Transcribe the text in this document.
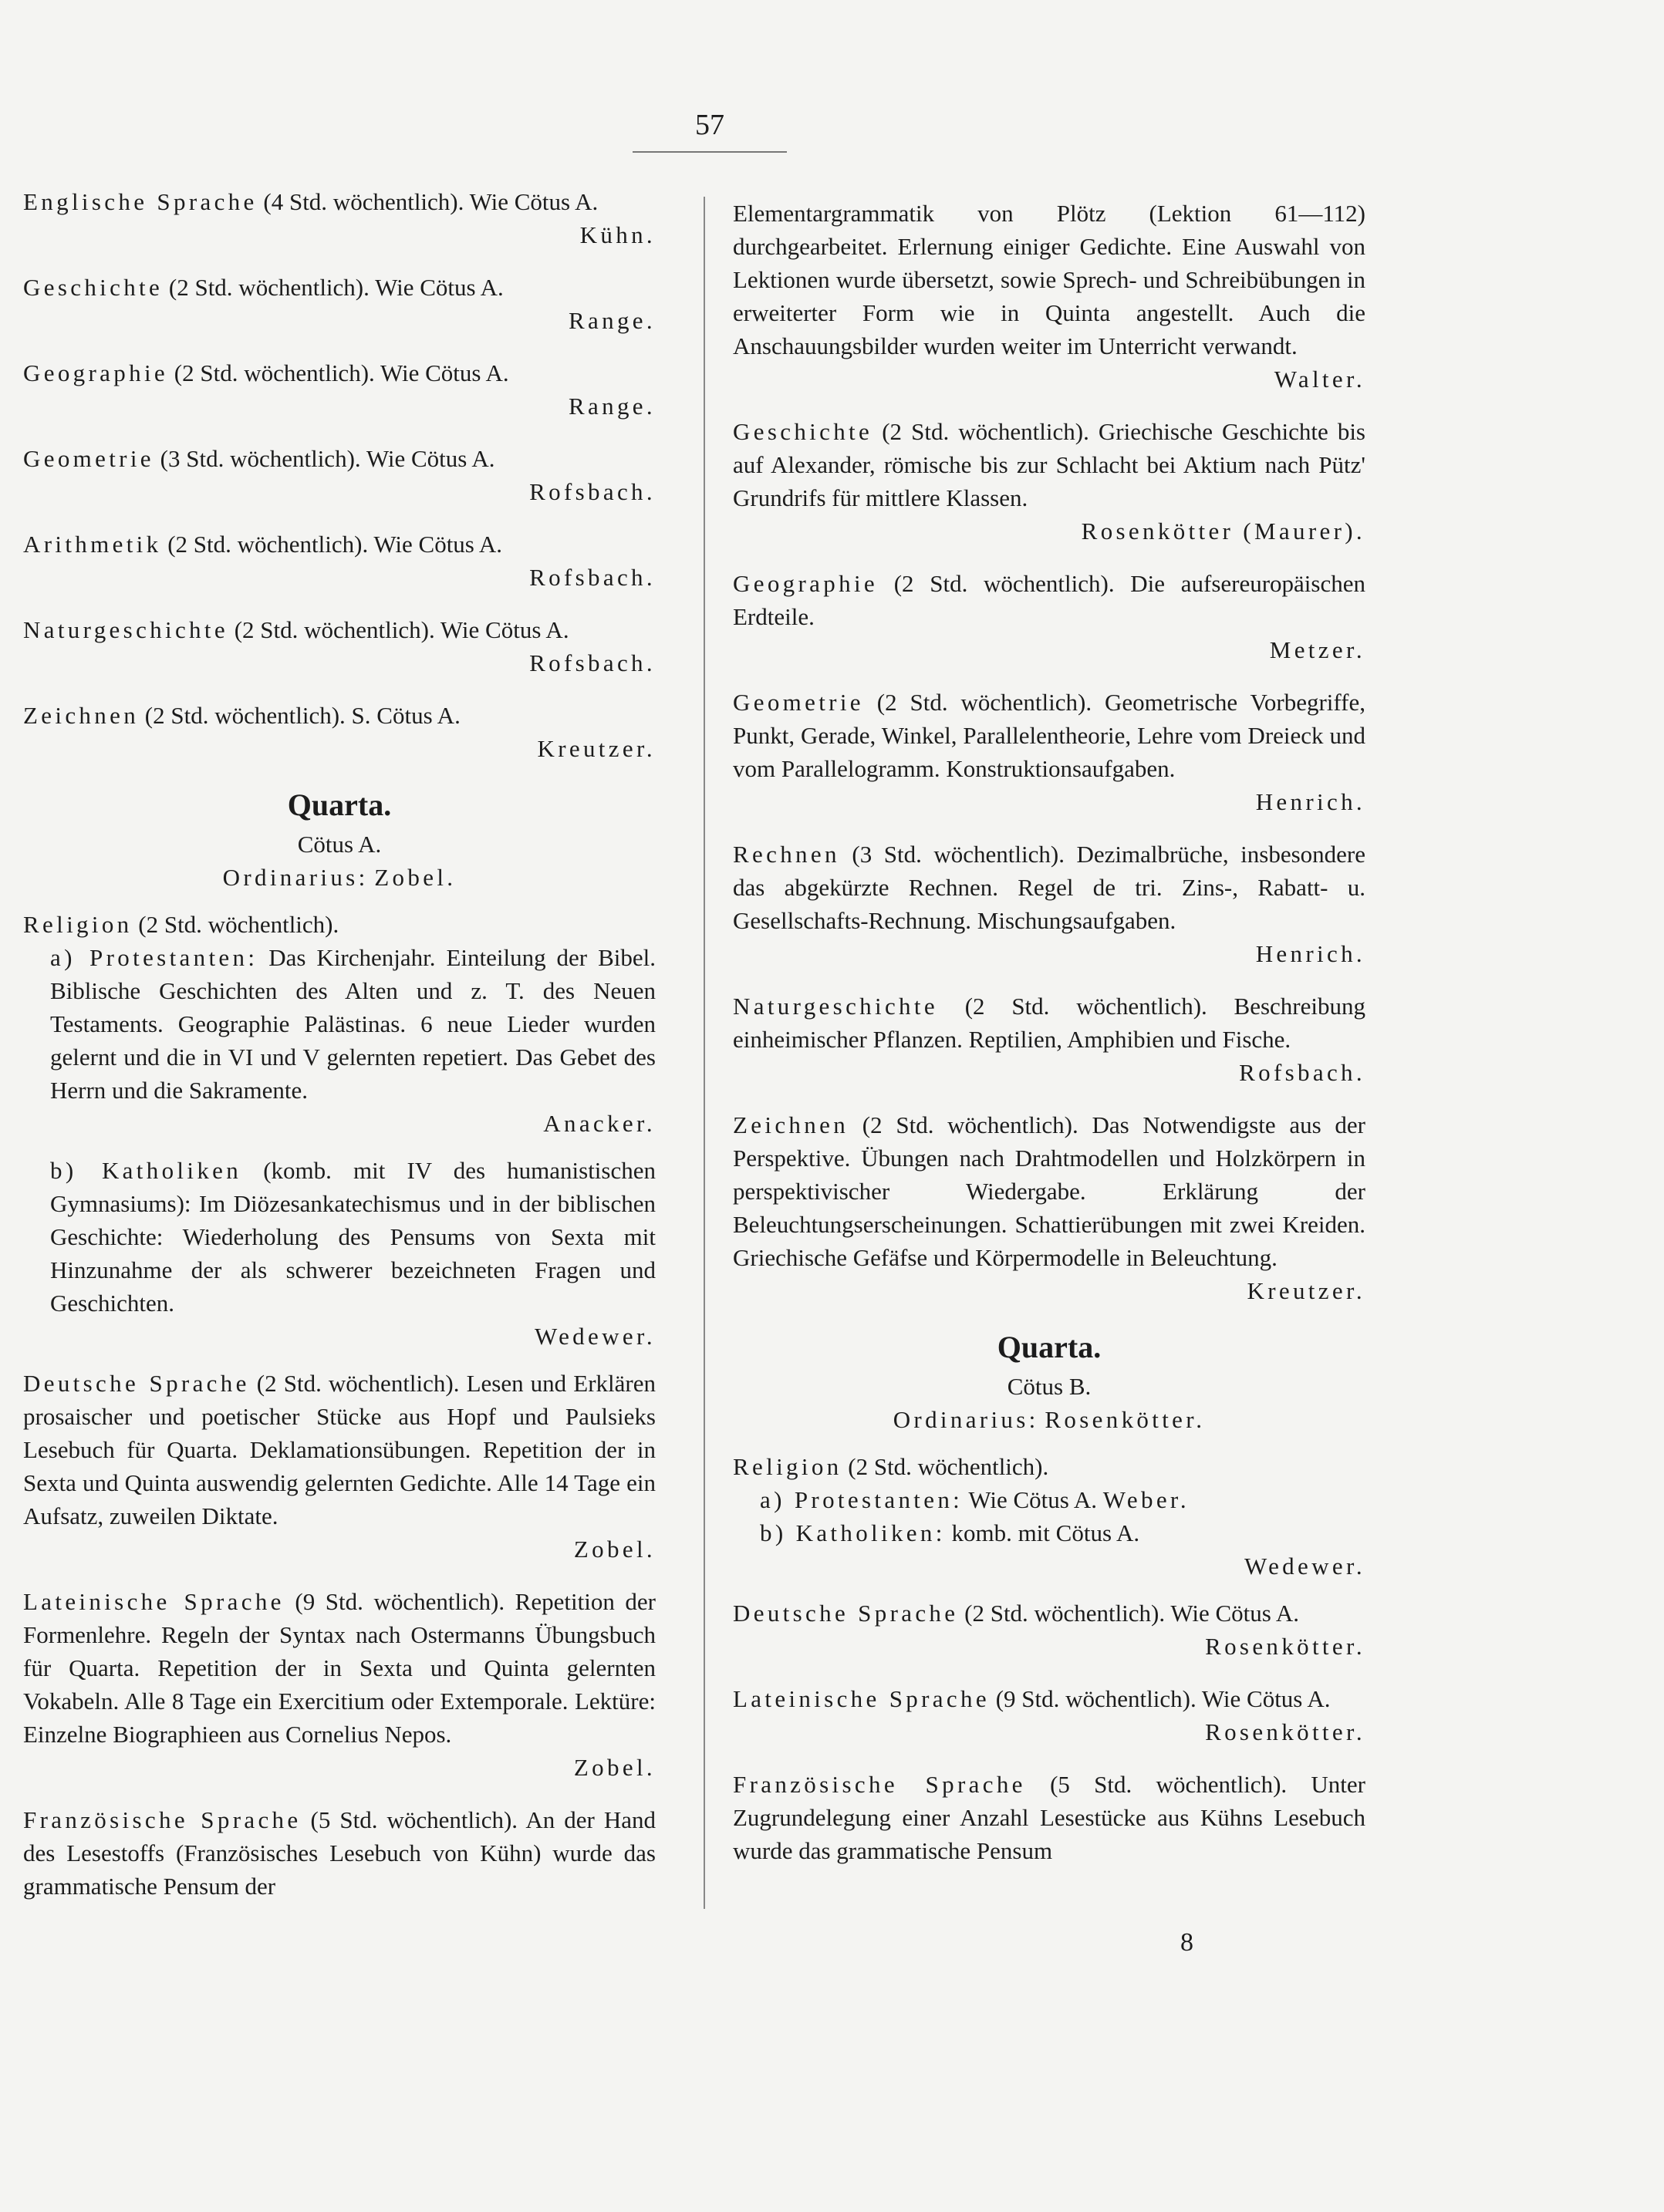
57

Englische Sprache (4 Std. wöchentlich). Wie Cötus A.
Kühn.

Geschichte (2 Std. wöchentlich). Wie Cötus A.
Range.

Geographie (2 Std. wöchentlich). Wie Cötus A.
Range.

Geometrie (3 Std. wöchentlich). Wie Cötus A.
Rofsbach.

Arithmetik (2 Std. wöchentlich). Wie Cötus A.
Rofsbach.

Naturgeschichte (2 Std. wöchentlich). Wie Cötus A.
Rofsbach.

Zeichnen (2 Std. wöchentlich). S. Cötus A.
Kreutzer.

Quarta.

Cötus A.

Ordinarius: Zobel.

Religion (2 Std. wöchentlich).

a) Protestanten: Das Kirchenjahr. Einteilung der Bibel. Biblische Geschichten des Alten und z. T. des Neuen Testaments. Geographie Palästinas. 6 neue Lieder wurden gelernt und die in VI und V gelernten repetiert. Das Gebet des Herrn und die Sakramente.
Anacker.

b) Katholiken (komb. mit IV des humanistischen Gymnasiums): Im Diözesankatechismus und in der biblischen Geschichte: Wiederholung des Pensums von Sexta mit Hinzunahme der als schwerer bezeichneten Fragen und Geschichten.
Wedewer.

Deutsche Sprache (2 Std. wöchentlich). Lesen und Erklären prosaischer und poetischer Stücke aus Hopf und Paulsieks Lesebuch für Quarta. Deklamationsübungen. Repetition der in Sexta und Quinta auswendig gelernten Gedichte. Alle 14 Tage ein Aufsatz, zuweilen Diktate.
Zobel.

Lateinische Sprache (9 Std. wöchentlich). Repetition der Formenlehre. Regeln der Syntax nach Ostermanns Übungsbuch für Quarta. Repetition der in Sexta und Quinta gelernten Vokabeln. Alle 8 Tage ein Exercitium oder Extemporale. Lektüre: Einzelne Biographieen aus Cornelius Nepos.
Zobel.

Französische Sprache (5 Std. wöchentlich). An der Hand des Lesestoffs (Französisches Lesebuch von Kühn) wurde das grammatische Pensum der

Elementargrammatik von Plötz (Lektion 61—112) durchgearbeitet. Erlernung einiger Gedichte. Eine Auswahl von Lektionen wurde übersetzt, sowie Sprech- und Schreibübungen in erweiterter Form wie in Quinta angestellt. Auch die Anschauungsbilder wurden weiter im Unterricht verwandt.
Walter.

Geschichte (2 Std. wöchentlich). Griechische Geschichte bis auf Alexander, römische bis zur Schlacht bei Aktium nach Pütz' Grundrifs für mittlere Klassen.
Rosenkötter (Maurer).

Geographie (2 Std. wöchentlich). Die aufsereuropäischen Erdteile.
Metzer.

Geometrie (2 Std. wöchentlich). Geometrische Vorbegriffe, Punkt, Gerade, Winkel, Parallelentheorie, Lehre vom Dreieck und vom Parallelogramm. Konstruktionsaufgaben.
Henrich.

Rechnen (3 Std. wöchentlich). Dezimalbrüche, insbesondere das abgekürzte Rechnen. Regel de tri. Zins-, Rabatt- u. Gesellschafts-Rechnung. Mischungsaufgaben.
Henrich.

Naturgeschichte (2 Std. wöchentlich). Beschreibung einheimischer Pflanzen. Reptilien, Amphibien und Fische.
Rofsbach.

Zeichnen (2 Std. wöchentlich). Das Notwendigste aus der Perspektive. Übungen nach Drahtmodellen und Holzkörpern in perspektivischer Wiedergabe. Erklärung der Beleuchtungserscheinungen. Schattierübungen mit zwei Kreiden. Griechische Gefäfse und Körpermodelle in Beleuchtung.
Kreutzer.

Quarta.

Cötus B.

Ordinarius: Rosenkötter.

Religion (2 Std. wöchentlich).

a) Protestanten: Wie Cötus A. Weber.

b) Katholiken: komb. mit Cötus A.
Wedewer.

Deutsche Sprache (2 Std. wöchentlich). Wie Cötus A.
Rosenkötter.

Lateinische Sprache (9 Std. wöchentlich). Wie Cötus A.
Rosenkötter.

Französische Sprache (5 Std. wöchentlich). Unter Zugrundelegung einer Anzahl Lesestücke aus Kühns Lesebuch wurde das grammatische Pensum

8
